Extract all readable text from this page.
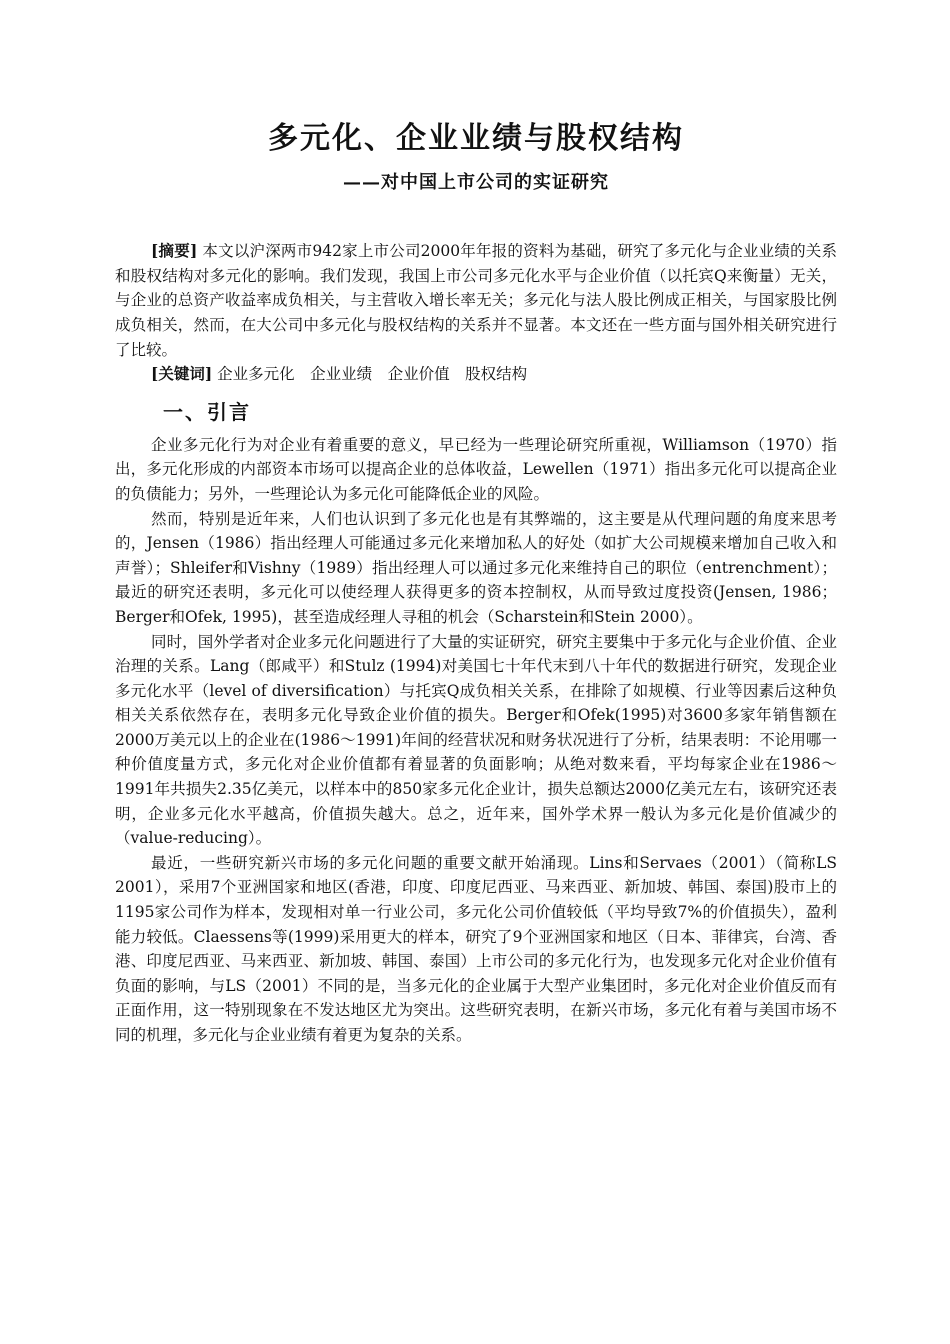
多元化、企业业绩与股权结构
——对中国上市公司的实证研究

[摘要] 本文以沪深两市942家上市公司2000年年报的资料为基础，研究了多元化与企业业绩的关系和股权结构对多元化的影响。我们发现，我国上市公司多元化水平与企业价值（以托宾Q来衡量）无关，与企业的总资产收益率成负相关，与主营收入增长率无关；多元化与法人股比例成正相关，与国家股比例成负相关，然而，在大公司中多元化与股权结构的关系并不显著。本文还在一些方面与国外相关研究进行了比较。

[关键词] 企业多元化　企业业绩　企业价值　股权结构

一、引言

企业多元化行为对企业有着重要的意义，早已经为一些理论研究所重视，Williamson（1970）指出，多元化形成的内部资本市场可以提高企业的总体收益，Lewellen（1971）指出多元化可以提高企业的负债能力；另外，一些理论认为多元化可能降低企业的风险。

然而，特别是近年来，人们也认识到了多元化也是有其弊端的，这主要是从代理问题的角度来思考的，Jensen（1986）指出经理人可能通过多元化来增加私人的好处（如扩大公司规模来增加自己收入和声誉）；Shleifer和Vishny（1989）指出经理人可以通过多元化来维持自己的职位（entrenchment）；最近的研究还表明，多元化可以使经理人获得更多的资本控制权，从而导致过度投资(Jensen, 1986；Berger和Ofek, 1995)，甚至造成经理人寻租的机会（Scharstein和Stein 2000）。

同时，国外学者对企业多元化问题进行了大量的实证研究，研究主要集中于多元化与企业价值、企业治理的关系。Lang（郎咸平）和Stulz (1994)对美国七十年代末到八十年代的数据进行研究，发现企业多元化水平（level of diversification）与托宾Q成负相关关系，在排除了如规模、行业等因素后这种负相关关系依然存在，表明多元化导致企业价值的损失。Berger和Ofek(1995)对3600多家年销售额在2000万美元以上的企业在(1986～1991)年间的经营状况和财务状况进行了分析，结果表明：不论用哪一种价值度量方式，多元化对企业价值都有着显著的负面影响；从绝对数来看，平均每家企业在1986～1991年共损失2.35亿美元，以样本中的850家多元化企业计，损失总额达2000亿美元左右，该研究还表明，企业多元化水平越高，价值损失越大。总之，近年来，国外学术界一般认为多元化是价值减少的（value-reducing）。

最近，一些研究新兴市场的多元化问题的重要文献开始涌现。Lins和Servaes（2001）（简称LS 2001），采用7个亚洲国家和地区(香港，印度、印度尼西亚、马来西亚、新加坡、韩国、泰国)股市上的1195家公司作为样本，发现相对单一行业公司，多元化公司价值较低（平均导致7%的价值损失），盈利能力较低。Claessens等(1999)采用更大的样本，研究了9个亚洲国家和地区（日本、菲律宾，台湾、香港、印度尼西亚、马来西亚、新加坡、韩国、泰国）上市公司的多元化行为，也发现多元化对企业价值有负面的影响，与LS（2001）不同的是，当多元化的企业属于大型产业集团时，多元化对企业价值反而有正面作用，这一特别现象在不发达地区尤为突出。这些研究表明，在新兴市场，多元化有着与美国市场不同的机理，多元化与企业业绩有着更为复杂的关系。
